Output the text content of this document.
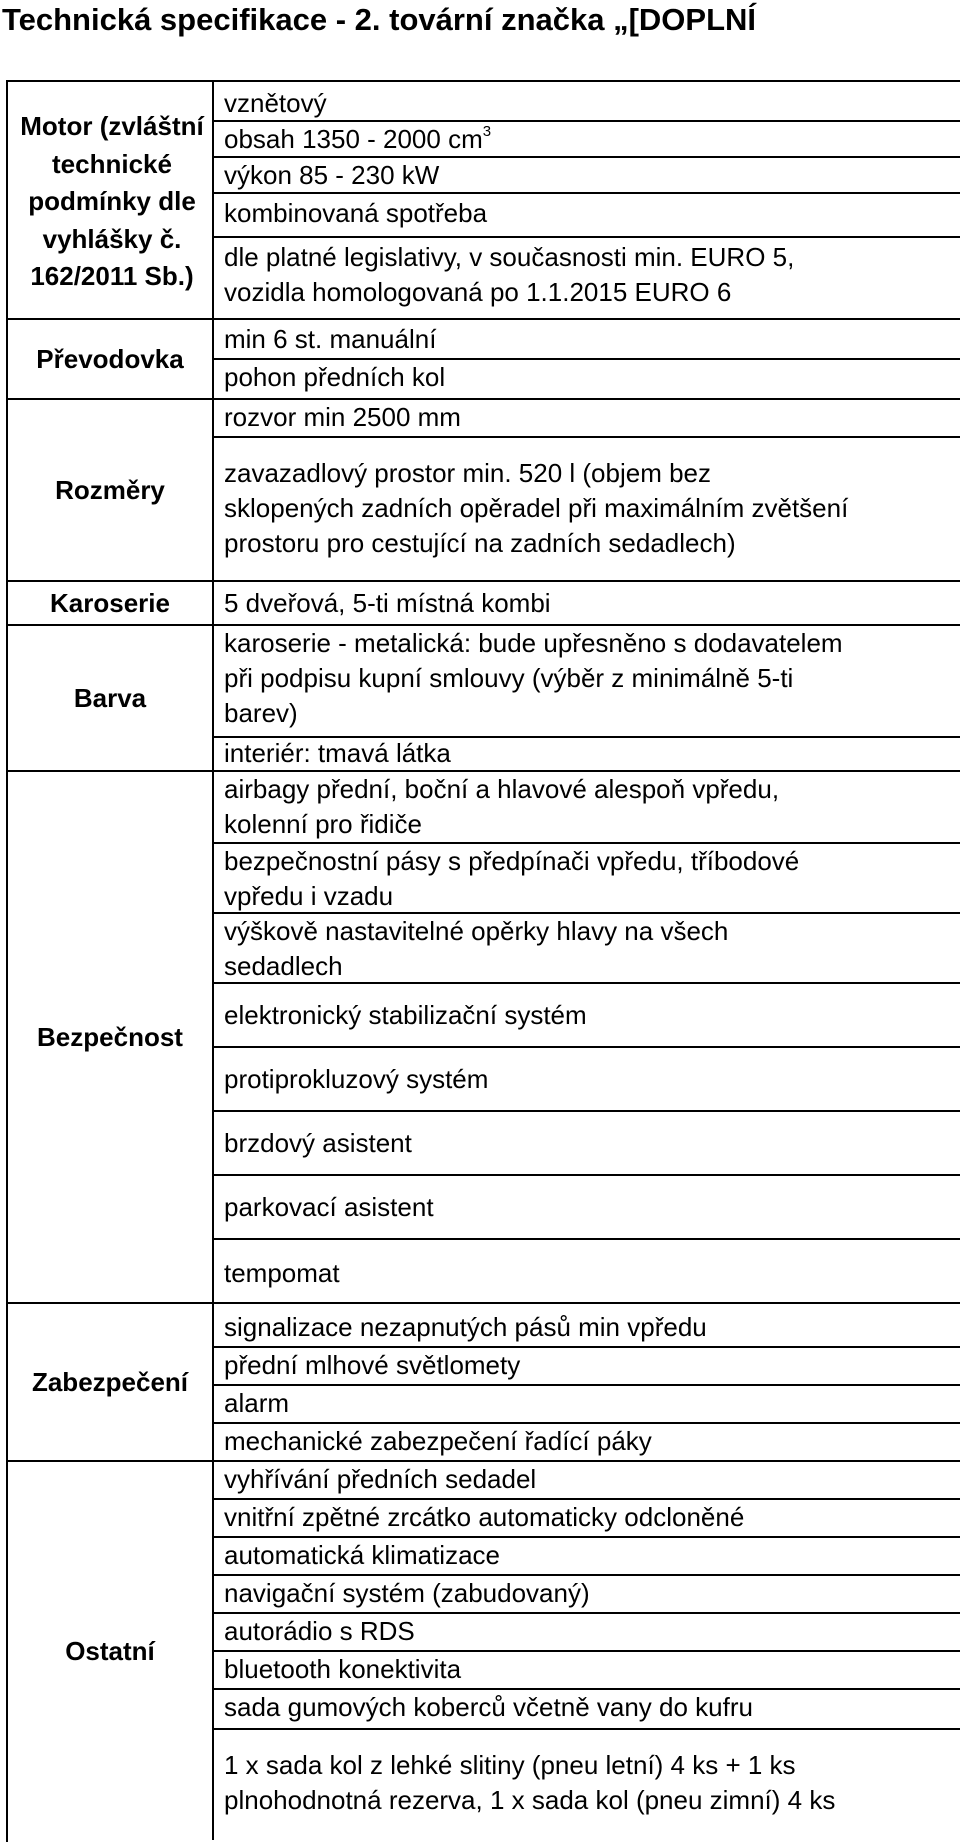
Technická specifikace - 2. tovární značka „[DOPLNÍ
Motor (zvláštní technické podmínky dle vyhlášky č. 162/2011 Sb.)
Převodovka
Rozměry
Karoserie
Barva
Bezpečnost
Zabezpečení
Ostatní
vznětový
obsah 1350 - 2000 $cm^3$
výkon 85 - 230 kW
kombinovaná spotřeba
dle platné legislativy, v současnosti min. EURO 5,
vozidla homologovaná po 1.1.2015 EURO 6
min 6 st. manuální
pohon předních kol
rozvor min 2500 mm
zavazadlový prostor min. 520 l (objem bez
sklopených zadních opěradel při maximálním zvětšení
prostoru pro cestující na zadních sedadlech)
5 dveřová, 5-ti místná kombi
karoserie - metalická: bude upřesněno s dodavatelem
při podpisu kupní smlouvy (výběr z minimálně 5-ti
barev)
interiér: tmavá látka
airbagy přední, boční a hlavové alespoň vpředu,
kolenní pro řidiče
bezpečnostní pásy s předpínači vpředu, tříbodové
vpředu i vzadu
výškově nastavitelné opěrky hlavy na všech
sedadlech
elektronický stabilizační systém
protiprokluzový systém
brzdový asistent
parkovací asistent
tempomat
signalizace nezapnutých pásů min vpředu
přední mlhové světlomety
alarm
mechanické zabezpečení řadící páky
vyhřívání předních sedadel
vnitřní zpětné zrcátko automaticky odcloněné
automatická klimatizace
navigační systém (zabudovaný)
autorádio s RDS
bluetooth konektivita
sada gumových koberců včetně vany do kufru
1 x sada kol z lehké slitiny (pneu letní) 4 ks + 1 ks
plnohodnotná rezerva, 1 x sada kol (pneu zimní) 4 ks
